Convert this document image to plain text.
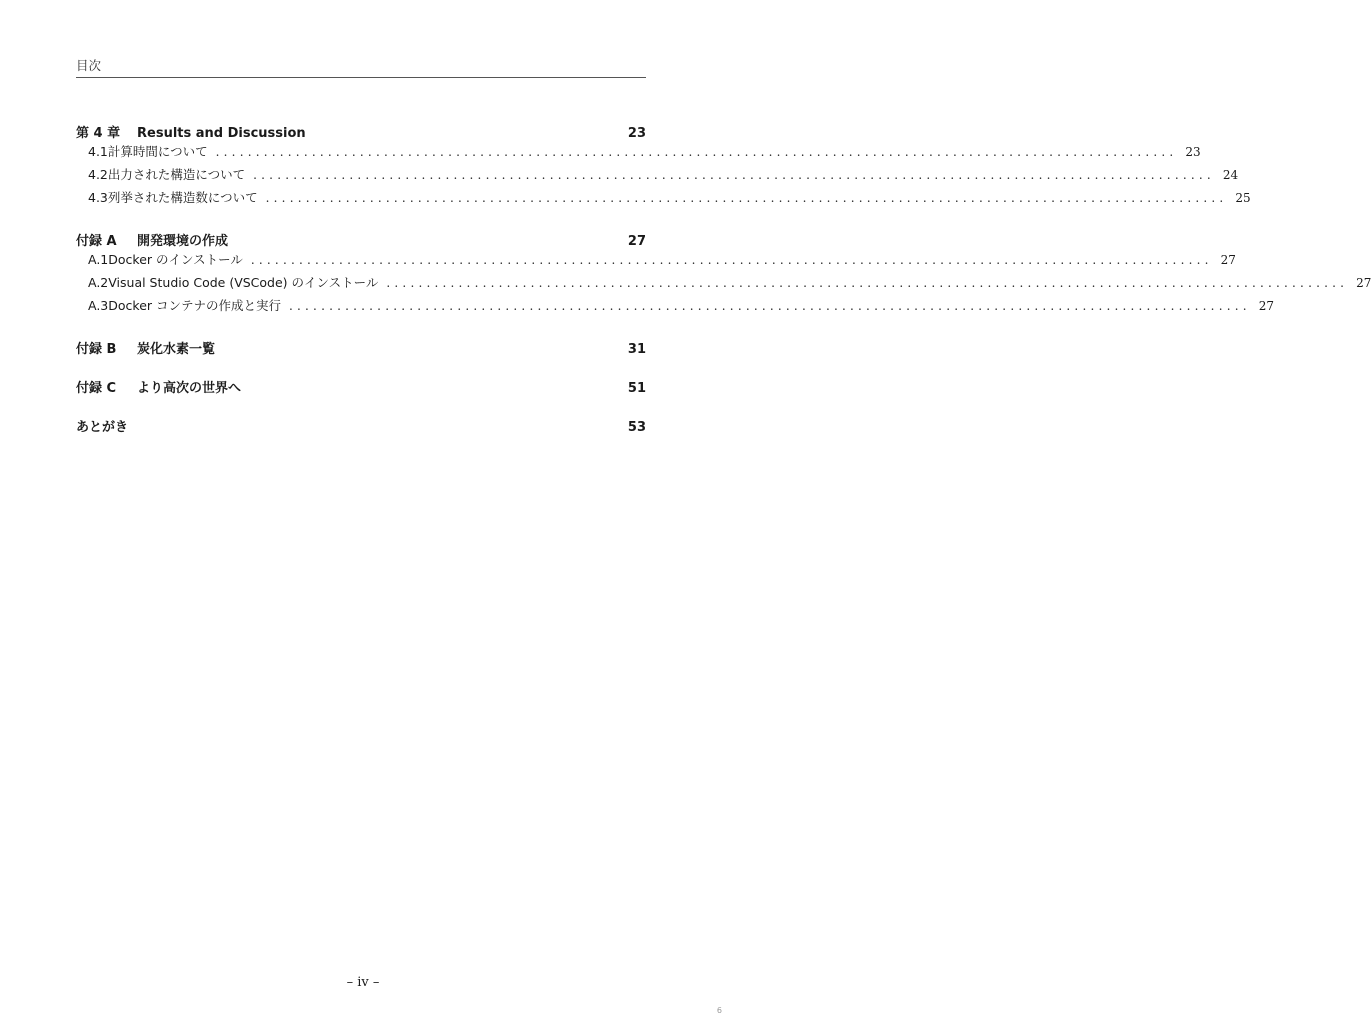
目次
第 4 章	Results and Discussion	23
4.1 計算時間について ........................................................................................................................ 23
4.2 出力された構造について ........................................................................................................................ 24
4.3 列挙された構造数について ........................................................................................................................ 25
付録 A	開発環境の作成	27
A.1 Docker のインストール ........................................................................................................................ 27
A.2 Visual Studio Code (VSCode) のインストール ........................................................................................................................ 27
A.3 Docker コンテナの作成と実行 ........................................................................................................................ 27
付録 B	炭化水素一覧	31
付録 C	より高次の世界へ	51
あとがき	53
– iv –
6
